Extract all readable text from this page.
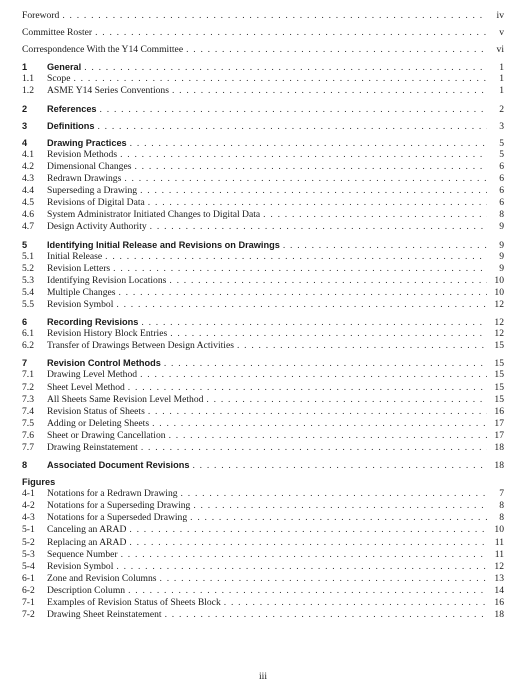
Foreword . . .	iv
Committee Roster . . .	v
Correspondence With the Y14 Committee . . .	vi
1	General . . .	1
1.1	Scope . . .	1
1.2	ASME Y14 Series Conventions . . .	1
2	References . . .	2
3	Definitions . . .	3
4	Drawing Practices . . .	5
4.1	Revision Methods . . .	5
4.2	Dimensional Changes . . .	6
4.3	Redrawn Drawings . . .	6
4.4	Superseding a Drawing . . .	6
4.5	Revisions of Digital Data . . .	6
4.6	System Administrator Initiated Changes to Digital Data . . .	8
4.7	Design Activity Authority . . .	9
5	Identifying Initial Release and Revisions on Drawings . . .	9
5.1	Initial Release . . .	9
5.2	Revision Letters . . .	9
5.3	Identifying Revision Locations . . .	10
5.4	Multiple Changes . . .	10
5.5	Revision Symbol . . .	12
6	Recording Revisions . . .	12
6.1	Revision History Block Entries . . .	12
6.2	Transfer of Drawings Between Design Activities . . .	15
7	Revision Control Methods . . .	15
7.1	Drawing Level Method . . .	15
7.2	Sheet Level Method . . .	15
7.3	All Sheets Same Revision Level Method . . .	15
7.4	Revision Status of Sheets . . .	16
7.5	Adding or Deleting Sheets . . .	17
7.6	Sheet or Drawing Cancellation . . .	17
7.7	Drawing Reinstatement . . .	18
8	Associated Document Revisions . . .	18
Figures
4-1	Notations for a Redrawn Drawing . . .	7
4-2	Notations for a Superseding Drawing . . .	8
4-3	Notations for a Superseded Drawing . . .	8
5-1	Canceling an ARAD . . .	10
5-2	Replacing an ARAD . . .	11
5-3	Sequence Number . . .	11
5-4	Revision Symbol . . .	12
6-1	Zone and Revision Columns . . .	13
6-2	Description Column . . .	14
7-1	Examples of Revision Status of Sheets Block . . .	16
7-2	Drawing Sheet Reinstatement . . .	18
iii
